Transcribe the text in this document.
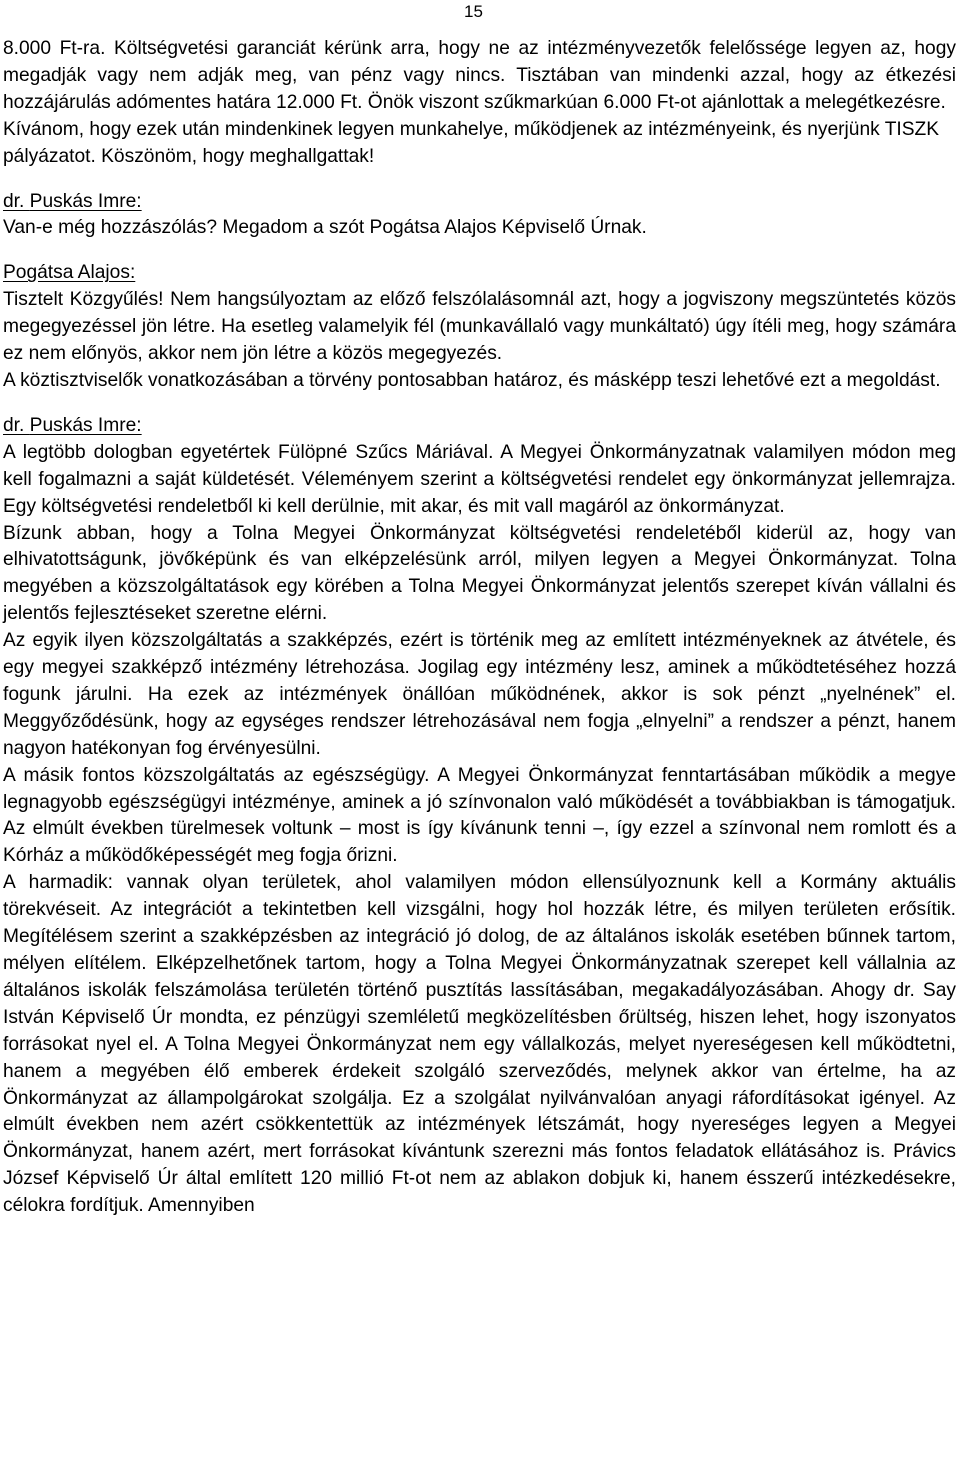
15

8.000 Ft-ra. Költségvetési garanciát kérünk arra, hogy ne az intézményvezetők felelőssége legyen az, hogy megadják vagy nem adják meg, van pénz vagy nincs. Tisztában van mindenki azzal, hogy az étkezési hozzájárulás adómentes határa 12.000 Ft. Önök viszont szűkmarkúan 6.000 Ft-ot ajánlottak a melegétkezésre.

Kívánom, hogy ezek után mindenkinek legyen munkahelye, működjenek az intézményeink, és nyerjünk TISZK pályázatot. Köszönöm, hogy meghallgattak!

dr. Puskás Imre:

Van-e még hozzászólás? Megadom a szót Pogátsa Alajos Képviselő Úrnak.

Pogátsa Alajos:

Tisztelt Közgyűlés! Nem hangsúlyoztam az előző felszólalásomnál azt, hogy a jogviszony megszüntetés közös megegyezéssel jön létre. Ha esetleg valamelyik fél (munkavállaló vagy munkáltató) úgy ítéli meg, hogy számára ez nem előnyös, akkor nem jön létre a közös megegyezés.

A köztisztviselők vonatkozásában a törvény pontosabban határoz, és másképp teszi lehetővé ezt a megoldást.

dr. Puskás Imre:

A legtöbb dologban egyetértek Fülöpné Szűcs Máriával. A Megyei Önkormányzatnak valamilyen módon meg kell fogalmazni a saját küldetését. Véleményem szerint a költségvetési rendelet egy önkormányzat jellemrajza. Egy költségvetési rendeletből ki kell derülnie, mit akar, és mit vall magáról az önkormányzat.

Bízunk abban, hogy a Tolna Megyei Önkormányzat költségvetési rendeletéből kiderül az, hogy van elhivatottságunk, jövőképünk és van elképzelésünk arról, milyen legyen a Megyei Önkormányzat. Tolna megyében a közszolgáltatások egy körében a Tolna Megyei Önkormányzat jelentős szerepet kíván vállalni és jelentős fejlesztéseket szeretne elérni.

Az egyik ilyen közszolgáltatás a szakképzés, ezért is történik meg az említett intézményeknek az átvétele, és egy megyei szakképző intézmény létrehozása. Jogilag egy intézmény lesz, aminek a működtetéséhez hozzá fogunk járulni. Ha ezek az intézmények önállóan működnének, akkor is sok pénzt „nyelnének” el. Meggyőződésünk, hogy az egységes rendszer létrehozásával nem fogja „elnyelni” a rendszer a pénzt, hanem nagyon hatékonyan fog érvényesülni.

A másik fontos közszolgáltatás az egészségügy. A Megyei Önkormányzat fenntartásában működik a megye legnagyobb egészségügyi intézménye, aminek a jó színvonalon való működését a továbbiakban is támogatjuk. Az elmúlt években türelmesek voltunk – most is így kívánunk tenni –, így ezzel a színvonal nem romlott és a Kórház a működőképességét meg fogja őrizni.

A harmadik: vannak olyan területek, ahol valamilyen módon ellensúlyoznunk kell a Kormány aktuális törekvéseit. Az integrációt a tekintetben kell vizsgálni, hogy hol hozzák létre, és milyen területen erősítik. Megítélésem szerint a szakképzésben az integráció jó dolog, de az általános iskolák esetében bűnnek tartom, mélyen elítélem. Elképzelhetőnek tartom, hogy a Tolna Megyei Önkormányzatnak szerepet kell vállalnia az általános iskolák felszámolása területén történő pusztítás lassításában, megakadályozásában. Ahogy dr. Say István Képviselő Úr mondta, ez pénzügyi szemléletű megközelítésben őrültség, hiszen lehet, hogy iszonyatos forrásokat nyel el. A Tolna Megyei Önkormányzat nem egy vállalkozás, melyet nyereségesen kell működtetni, hanem a megyében élő emberek érdekeit szolgáló szerveződés, melynek akkor van értelme, ha az Önkormányzat az állampolgárokat szolgálja. Ez a szolgálat nyilvánvalóan anyagi ráfordításokat igényel. Az elmúlt években nem azért csökkentettük az intézmények létszámát, hogy nyereséges legyen a Megyei Önkormányzat, hanem azért, mert forrásokat kívántunk szerezni más fontos feladatok ellátásához is. Právics József Képviselő Úr által említett 120 millió Ft-ot nem az ablakon dobjuk ki, hanem ésszerű intézkedésekre, célokra fordítjuk. Amennyiben
